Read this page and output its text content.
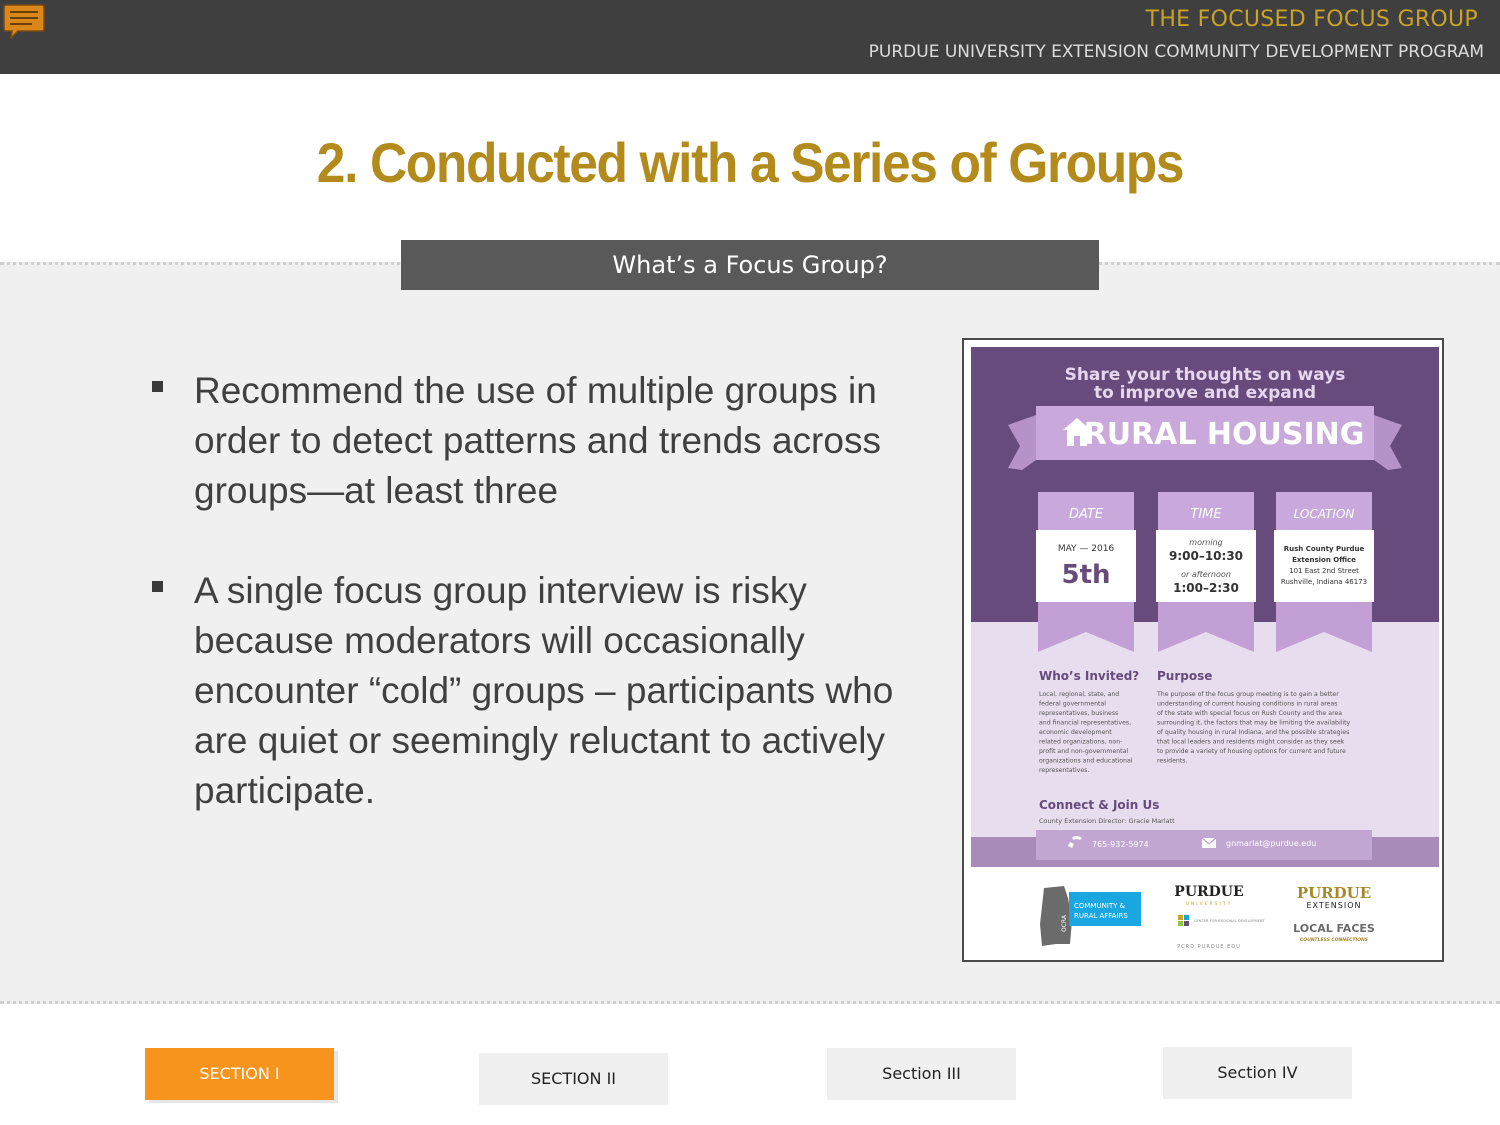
THE FOCUSED FOCUS GROUP
PURDUE UNIVERSITY EXTENSION COMMUNITY DEVELOPMENT PROGRAM
2. Conducted with a Series of Groups
What’s a Focus Group?
Recommend the use of multiple groups in order to detect patterns and trends across groups—at least three
A single focus group interview is risky because moderators will occasionally encounter “cold” groups – participants who are quiet or seemingly reluctant to actively participate.
Share your thoughts on ways
to improve and expand
RURAL HOUSING
DATE
MAY — 2016
5th
TIME
morning
9:00–10:30
or afternoon
1:00–2:30
LOCATION
Rush County Purdue
Extension Office
101 East 2nd Street
Rushville, Indiana 46173
Who’s Invited?
Local, regional, state, and
federal governmental
representatives, business
and financial representatives,
economic development
related organizations, non-
profit and non-governmental
organizations and educational
representatives.
Purpose
The purpose of the focus group meeting is to gain a better
understanding of current housing conditions in rural areas
of the state with special focus on Rush County and the area
surrounding it, the factors that may be limiting the availability
of quality housing in rural Indiana, and the possible strategies
that local leaders and residents might consider as they seek
to provide a variety of housing options for current and future
residents.
Connect & Join Us
County Extension Director: Gracie Marlatt
765-932-5974	gnmarlat@purdue.edu
Office of
COMMUNITY &
RURAL AFFAIRS
OCRA
PURDUE
UNIVERSITY
CENTER FOR REGIONAL DEVELOPMENT
PCRD.PURDUE.EDU
PURDUE
EXTENSION
LOCAL FACES
COUNTLESS CONNECTIONS
SECTION I	SECTION II	Section III	Section IV
